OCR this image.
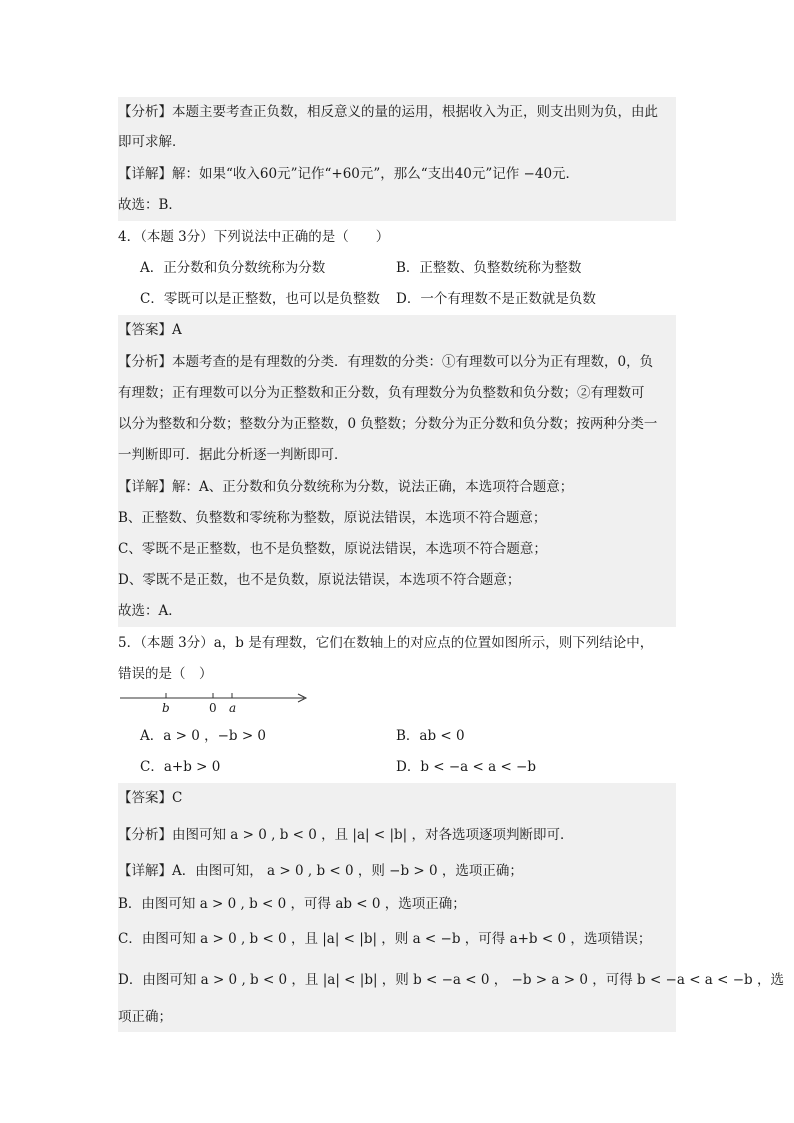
【分析】本题主要考查正负数，相反意义的量的运用，根据收入为正，则支出则为负，由此
即可求解．
【详解】解：如果“收入60元”记作“+60元”，那么“支出40元”记作 −40元．
故选：B．
4．（本题 3分）下列说法中正确的是（　　）
A．正分数和负分数统称为分数	B．正整数、负整数统称为整数
C．零既可以是正整数，也可以是负整数 D．一个有理数不是正数就是负数
【答案】A
【分析】本题考查的是有理数的分类．有理数的分类：①有理数可以分为正有理数，0，负
有理数；正有理数可以分为正整数和正分数，负有理数分为负整数和负分数；②有理数可
以分为整数和分数；整数分为正整数，0 负整数；分数分为正分数和负分数；按两种分类一
一判断即可．据此分析逐一判断即可．
【详解】解：A、正分数和负分数统称为分数，说法正确，本选项符合题意；
B、正整数、负整数和零统称为整数，原说法错误，本选项不符合题意；
C、零既不是正整数，也不是负整数，原说法错误，本选项不符合题意；
D、零既不是正数，也不是负数，原说法错误，本选项不符合题意；
故选：A．
5．（本题 3分）a，b 是有理数，它们在数轴上的对应点的位置如图所示，则下列结论中，
错误的是（　）
b	0 a
A．a > 0 ，−b > 0	B．ab < 0
C．a+b > 0	D．b < −a < a < −b
【答案】C
【分析】由图可知 a > 0 , b < 0 ，且 |a| < |b| ，对各选项逐项判断即可．
【详解】A．由图可知， a > 0 , b < 0 ，则 −b > 0 ，选项正确；
B．由图可知 a > 0 , b < 0 ，可得 ab < 0 ，选项正确；
C．由图可知 a > 0 , b < 0 ，且 |a| < |b| ，则 a < −b ，可得 a+b < 0 ，选项错误；
D．由图可知 a > 0 , b < 0 ，且 |a| < |b| ，则 b < −a < 0 ， −b > a > 0 ，可得 b < −a < a < −b ，选
项正确；
